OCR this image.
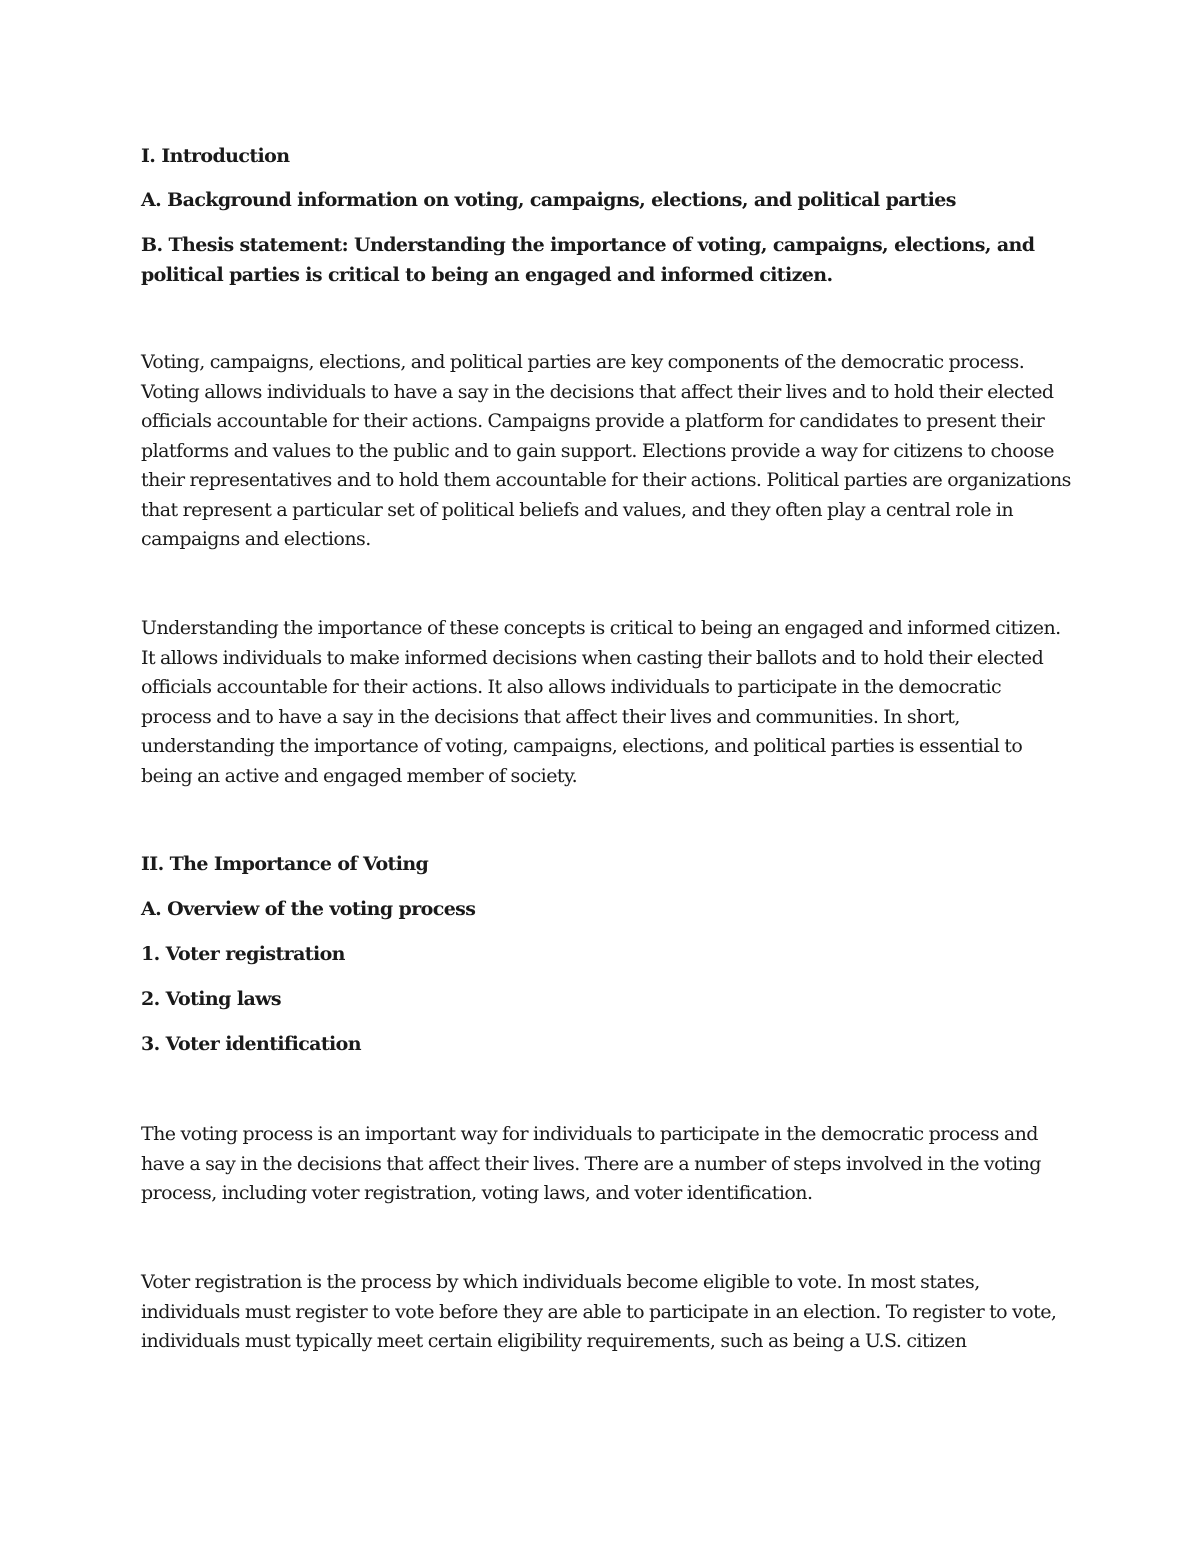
I. Introduction
A. Background information on voting, campaigns, elections, and political parties
B. Thesis statement: Understanding the importance of voting, campaigns, elections, and political parties is critical to being an engaged and informed citizen.
Voting, campaigns, elections, and political parties are key components of the democratic process. Voting allows individuals to have a say in the decisions that affect their lives and to hold their elected officials accountable for their actions. Campaigns provide a platform for candidates to present their platforms and values to the public and to gain support. Elections provide a way for citizens to choose their representatives and to hold them accountable for their actions. Political parties are organizations that represent a particular set of political beliefs and values, and they often play a central role in campaigns and elections.
Understanding the importance of these concepts is critical to being an engaged and informed citizen. It allows individuals to make informed decisions when casting their ballots and to hold their elected officials accountable for their actions. It also allows individuals to participate in the democratic process and to have a say in the decisions that affect their lives and communities. In short, understanding the importance of voting, campaigns, elections, and political parties is essential to being an active and engaged member of society.
II. The Importance of Voting
A. Overview of the voting process
1. Voter registration
2. Voting laws
3. Voter identification
The voting process is an important way for individuals to participate in the democratic process and have a say in the decisions that affect their lives. There are a number of steps involved in the voting process, including voter registration, voting laws, and voter identification.
Voter registration is the process by which individuals become eligible to vote. In most states, individuals must register to vote before they are able to participate in an election. To register to vote, individuals must typically meet certain eligibility requirements, such as being a U.S. citizen
